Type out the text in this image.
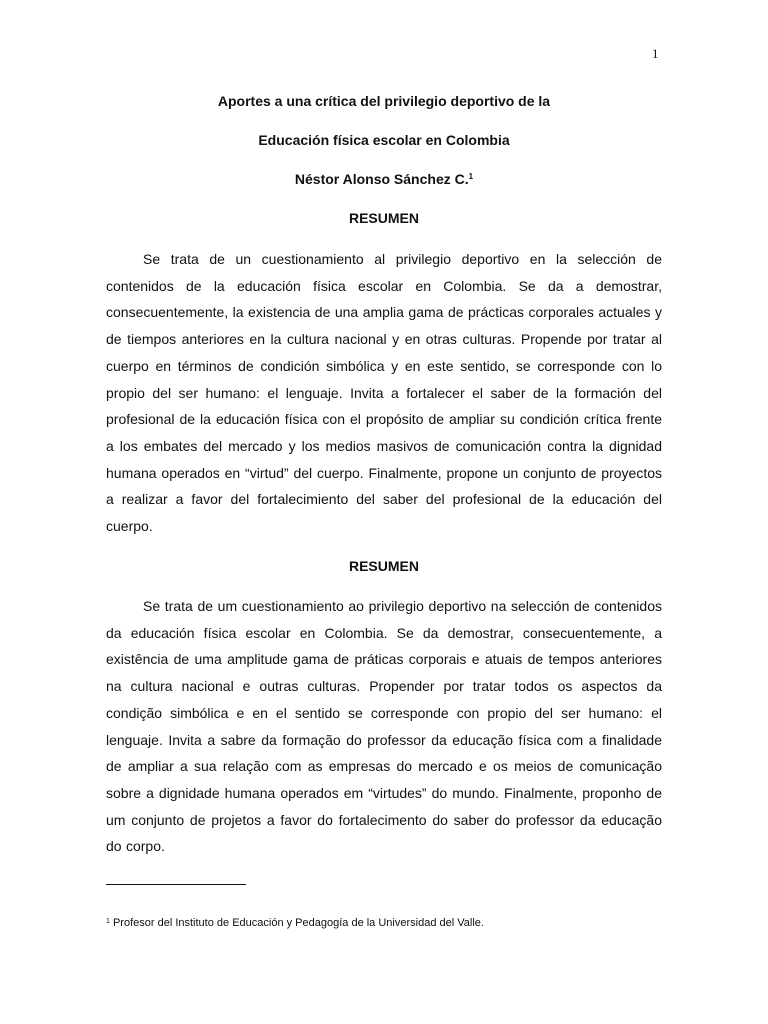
1
Aportes a una crítica del privilegio deportivo de la
Educación física escolar en Colombia
Néstor Alonso Sánchez C.$^1$
RESUMEN

Se trata de un cuestionamiento al privilegio deportivo en la selección de contenidos de la educación física escolar en Colombia. Se da a demostrar, consecuentemente, la existencia de una amplia gama de prácticas corporales actuales y de tiempos anteriores en la cultura nacional y en otras culturas. Propende por tratar al cuerpo en términos de condición simbólica y en este sentido, se corresponde con lo propio del ser humano: el lenguaje. Invita a fortalecer el saber de la formación del profesional de la educación física con el propósito de ampliar su condición crítica frente a los embates del mercado y los medios masivos de comunicación contra la dignidad humana operados en “virtud” del cuerpo. Finalmente, propone un conjunto de proyectos a realizar a favor del fortalecimiento del saber del profesional de la educación del cuerpo.

RESUMEN

Se trata de um cuestionamiento ao privilegio deportivo na selección de contenidos da educación física escolar en Colombia. Se da demostrar, consecuentemente, a existência de uma amplitude gama de práticas corporais e atuais de tempos anteriores na cultura nacional e outras culturas. Propender por tratar todos os aspectos da condição simbólica e en el sentido se corresponde con propio del ser humano: el lenguaje. Invita a sabre da formação do professor da educação física com a finalidade de ampliar a sua relação com as empresas do mercado e os meios de comunicação sobre a dignidade humana operados em “virtudes” do mundo. Finalmente, proponho de um conjunto de projetos a favor do fortalecimento do saber do professor da educação do corpo.

$^1$ Profesor del Instituto de Educación y Pedagogía de la Universidad del Valle.
